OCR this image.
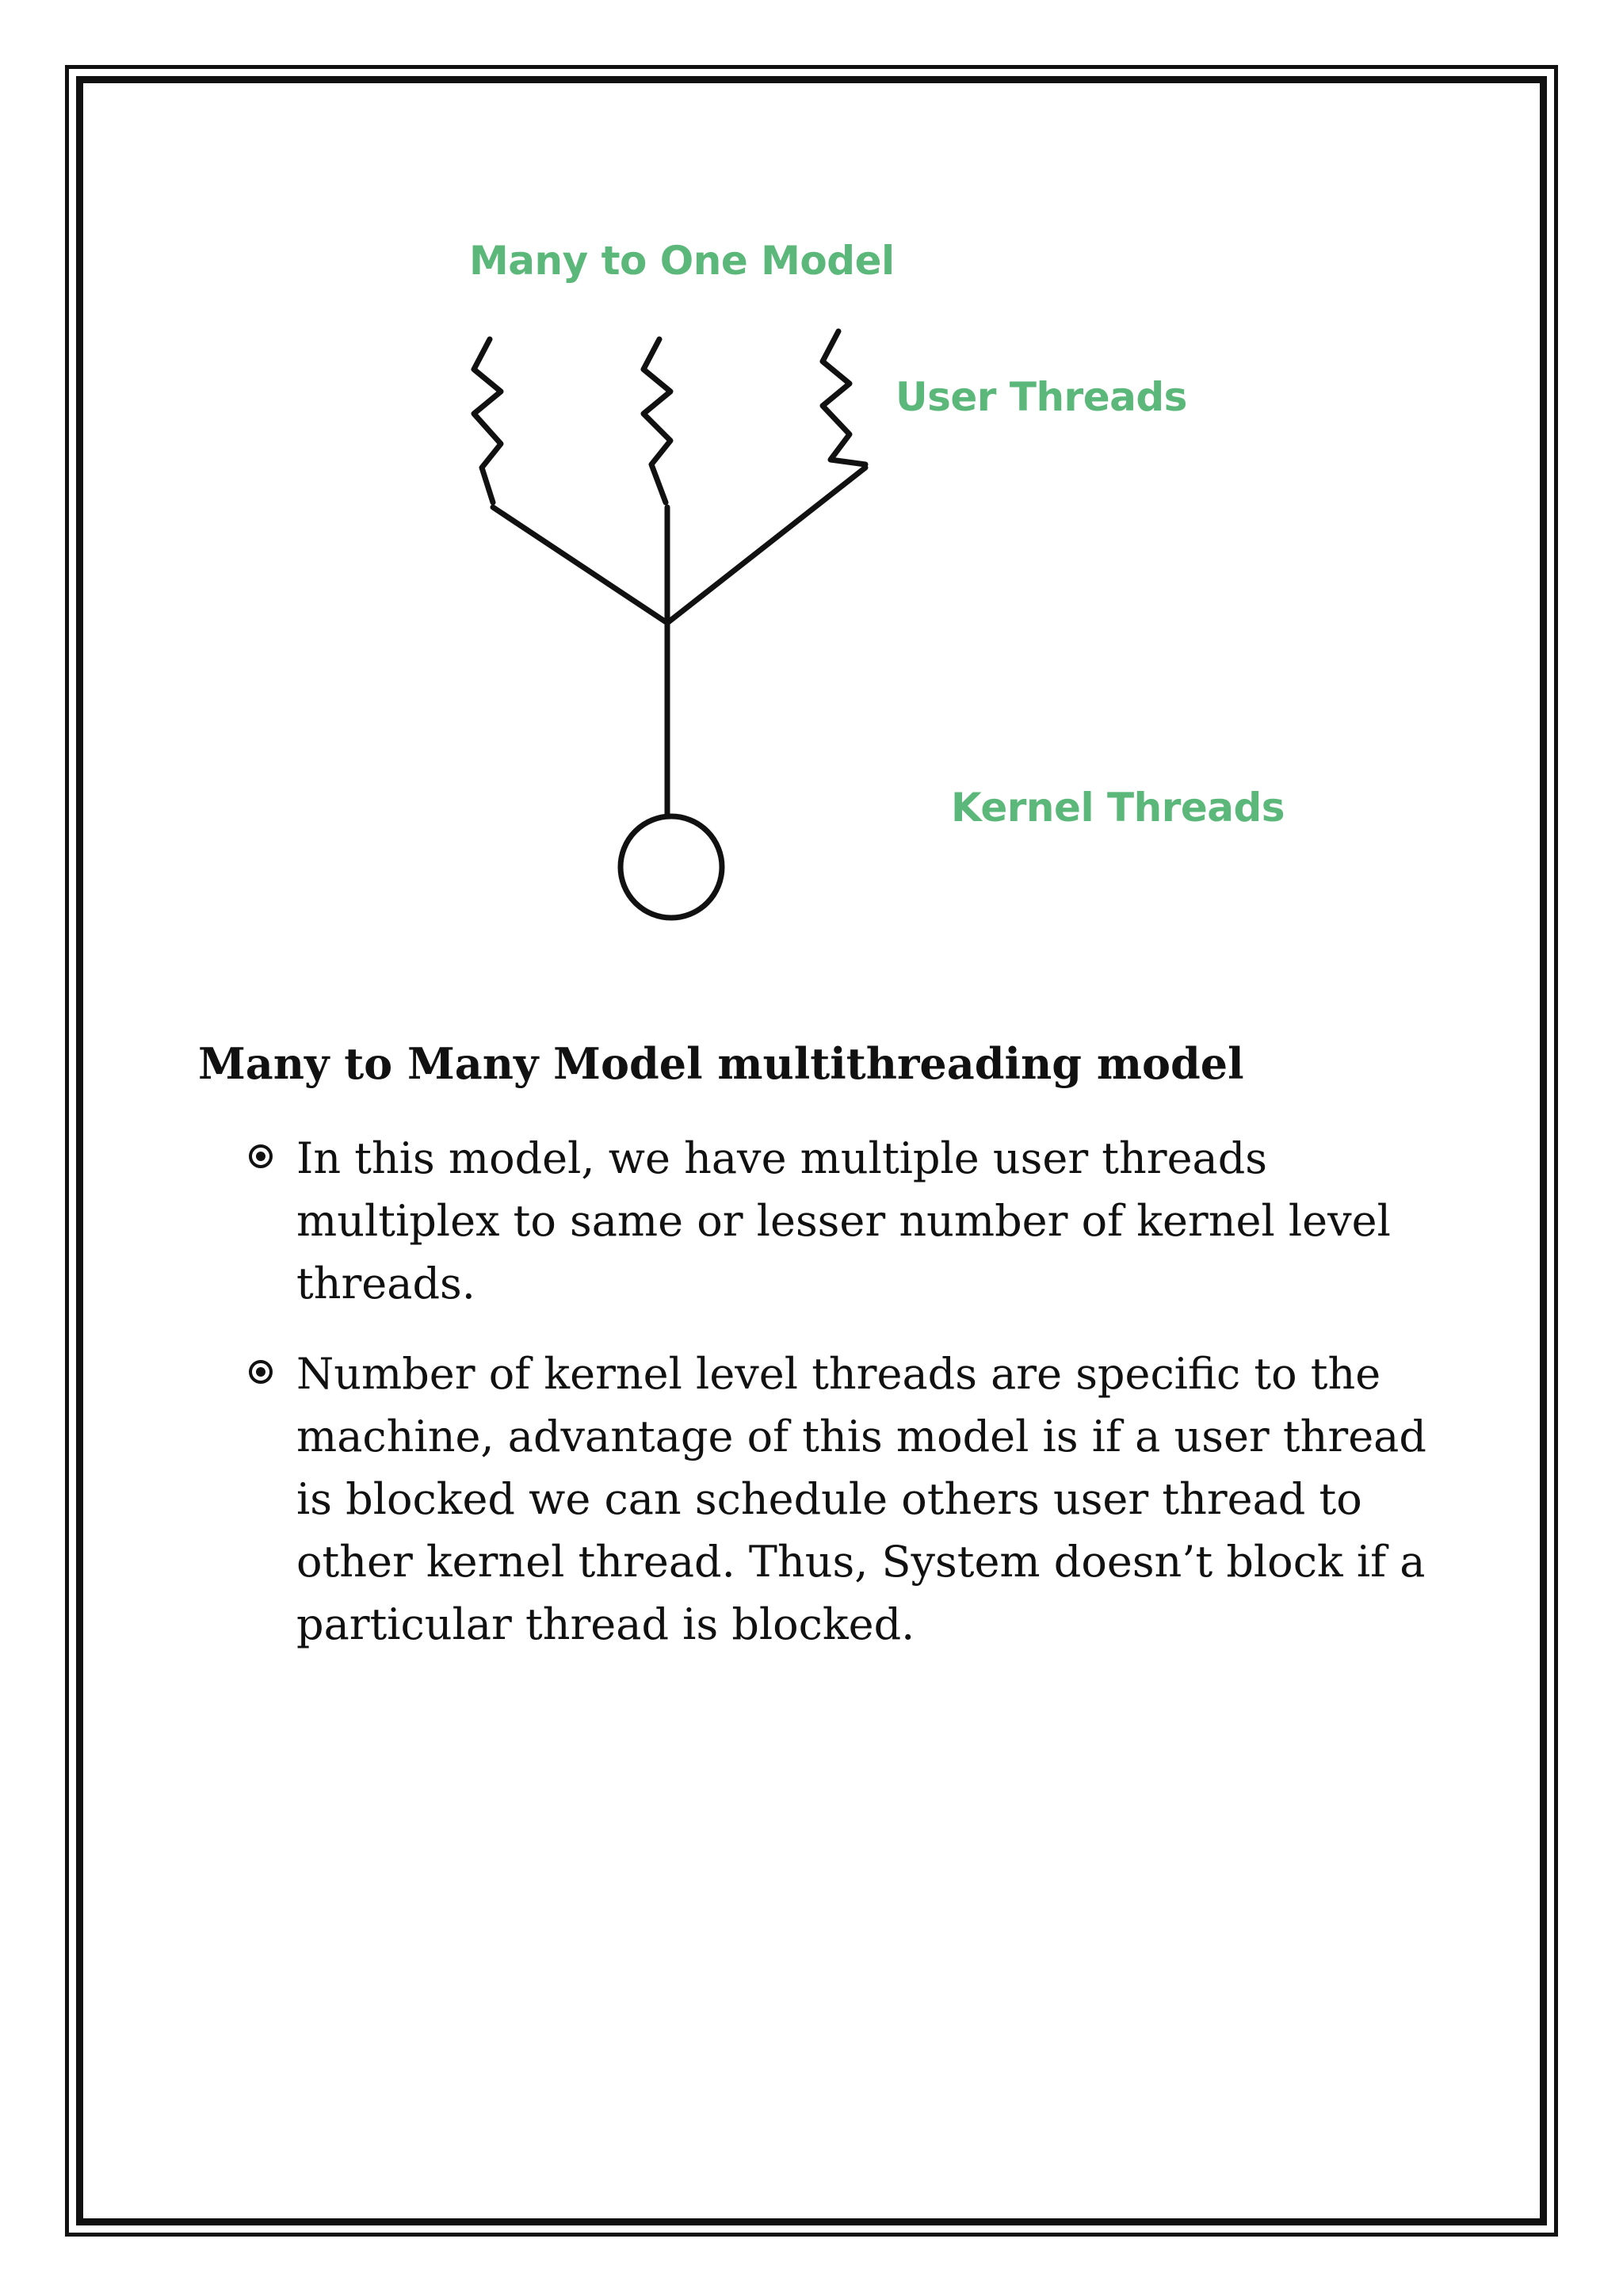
Many to One Model
User Threads
Kernel Threads
Many to Many Model multithreading model
In this model, we have multiple user threads multiplex to same or lesser number of kernel level threads.
Number of kernel level threads are specific to the machine, advantage of this model is if a user thread is blocked we can schedule others user thread to other kernel thread. Thus, System doesn’t block if a particular thread is blocked.
